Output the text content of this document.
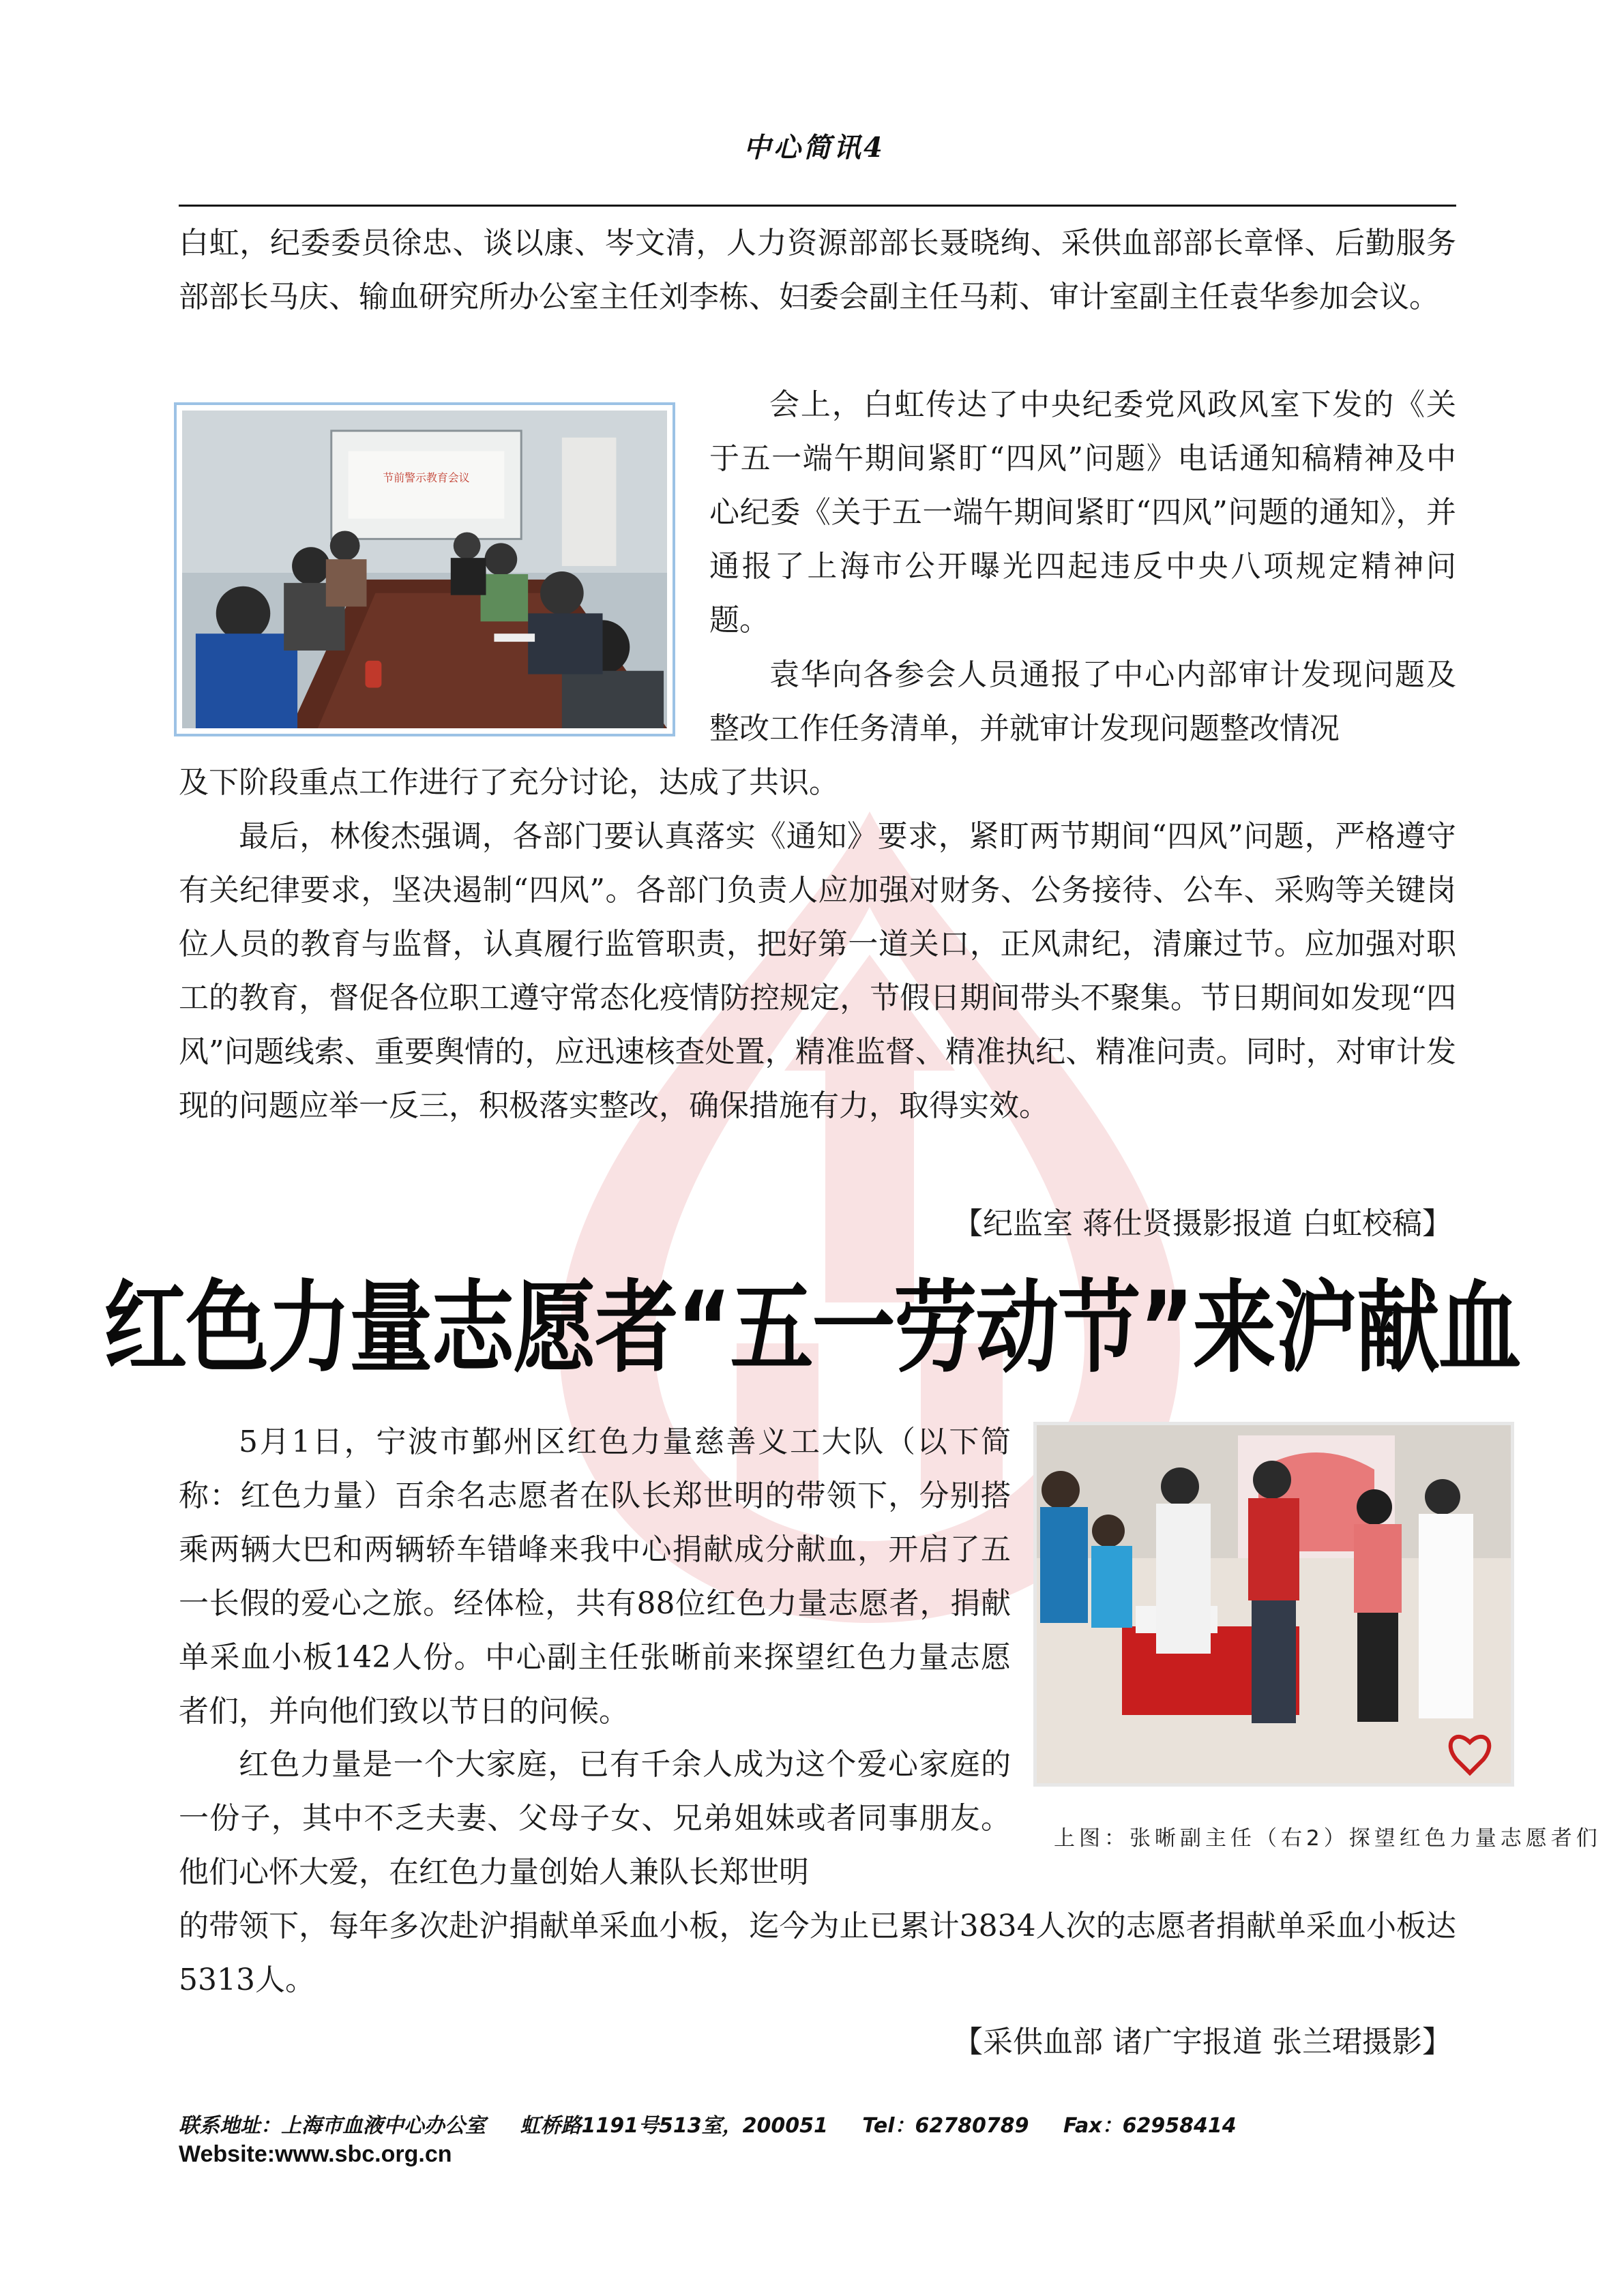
中心简讯4

白虹，纪委委员徐忠、谈以康、岑文清，人力资源部部长聂晓绚、采供血部部长章怿、后勤服务部部长马庆、输血研究所办公室主任刘李栋、妇委会副主任马莉、审计室副主任袁华参加会议。

节前警示教育会议

会上，白虹传达了中央纪委党风政风室下发的《关于五一端午期间紧盯“四风”问题》电话通知稿精神及中心纪委《关于五一端午期间紧盯“四风”问题的通知》，并通报了上海市公开曝光四起违反中央八项规定精神问题。

袁华向各参会人员通报了中心内部审计发现问题及整改工作任务清单，并就审计发现问题整改情况

及下阶段重点工作进行了充分讨论，达成了共识。

最后，林俊杰强调，各部门要认真落实《通知》要求，紧盯两节期间“四风”问题，严格遵守有关纪律要求，坚决遏制“四风”。各部门负责人应加强对财务、公务接待、公车、采购等关键岗位人员的教育与监督，认真履行监管职责，把好第一道关口，正风肃纪，清廉过节。应加强对职工的教育，督促各位职工遵守常态化疫情防控规定，节假日期间带头不聚集。节日期间如发现“四风”问题线索、重要舆情的，应迅速核查处置，精准监督、精准执纪、精准问责。同时，对审计发现的问题应举一反三，积极落实整改，确保措施有力，取得实效。

【纪监室 蒋仕贤摄影报道 白虹校稿】
红色力量志愿者“五一劳动节”来沪献血

5月1日，宁波市鄞州区红色力量慈善义工大队（以下简称：红色力量）百余名志愿者在队长郑世明的带领下，分别搭乘两辆大巴和两辆轿车错峰来我中心捐献成分献血，开启了五一长假的爱心之旅。经体检，共有88位红色力量志愿者，捐献单采血小板142人份。中心副主任张晰前来探望红色力量志愿者们，并向他们致以节日的问候。

上图：张晰副主任（右2）探望红色力量志愿者们

红色力量是一个大家庭，已有千余人成为这个爱心家庭的一份子，其中不乏夫妻、父母子女、兄弟姐妹或者同事朋友。他们心怀大爱，在红色力量创始人兼队长郑世明

的带领下，每年多次赴沪捐献单采血小板，迄今为止已累计3834人次的志愿者捐献单采血小板达5313人。

【采供血部 诸广宇报道 张兰珺摄影】
联系地址：上海市血液中心办公室 虹桥路1191号513室，200051 Tel：62780789 Fax：62958414
Website:www.sbc.org.cn
